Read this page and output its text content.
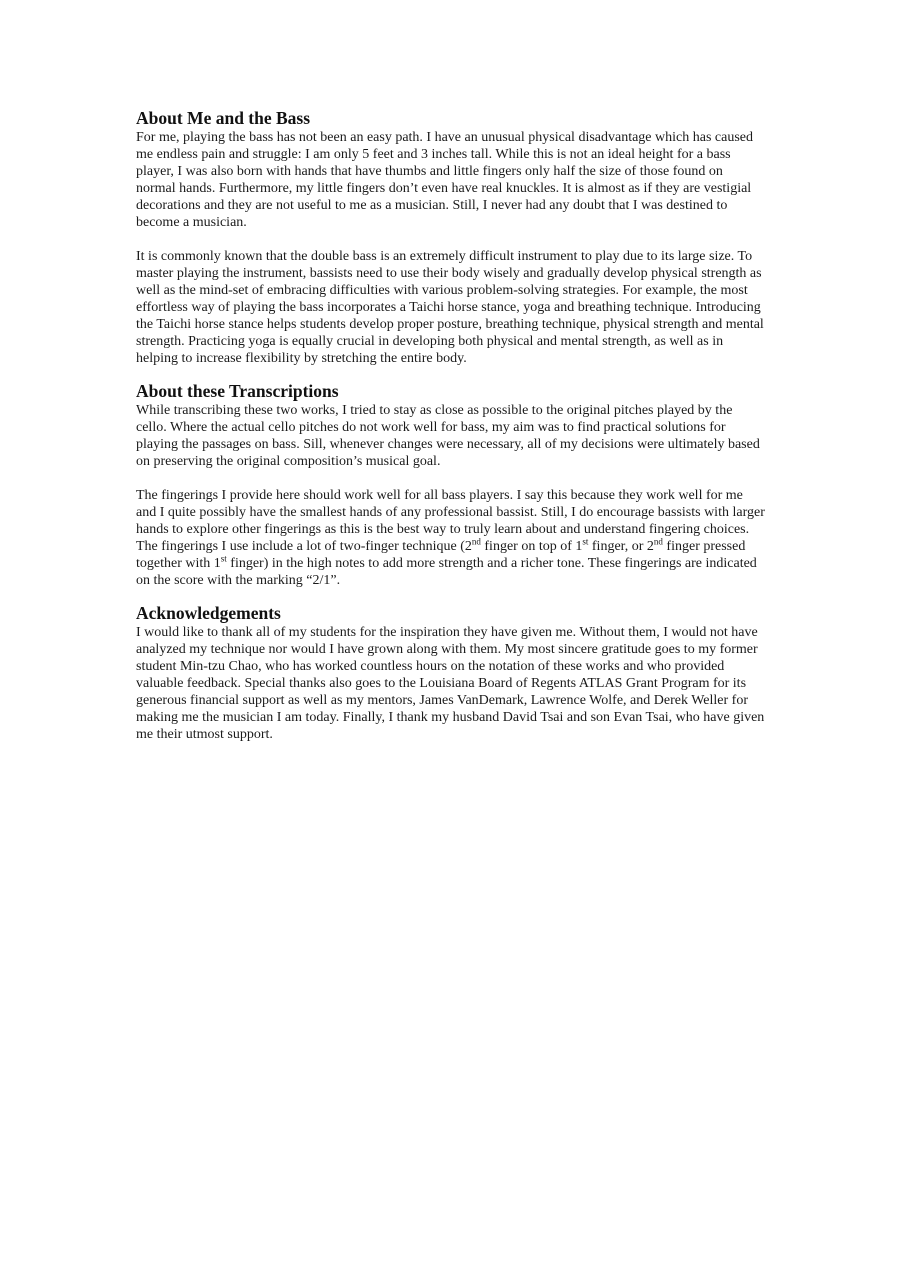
About Me and the Bass

For me, playing the bass has not been an easy path. I have an unusual physical disadvantage which has caused me endless pain and struggle: I am only 5 feet and 3 inches tall. While this is not an ideal height for a bass player, I was also born with hands that have thumbs and little fingers only half the size of those found on normal hands. Furthermore, my little fingers don’t even have real knuckles. It is almost as if they are vestigial decorations and they are not useful to me as a musician. Still, I never had any doubt that I was destined to become a musician.

It is commonly known that the double bass is an extremely difficult instrument to play due to its large size. To master playing the instrument, bassists need to use their body wisely and gradually develop physical strength as well as the mind-set of embracing difficulties with various problem-solving strategies. For example, the most effortless way of playing the bass incorporates a Taichi horse stance, yoga and breathing technique. Introducing the Taichi horse stance helps students develop proper posture, breathing technique, physical strength and mental strength. Practicing yoga is equally crucial in developing both physical and mental strength, as well as in helping to increase flexibility by stretching the entire body.

About these Transcriptions

While transcribing these two works, I tried to stay as close as possible to the original pitches played by the cello. Where the actual cello pitches do not work well for bass, my aim was to find practical solutions for playing the passages on bass. Sill, whenever changes were necessary, all of my decisions were ultimately based on preserving the original composition’s musical goal.

The fingerings I provide here should work well for all bass players. I say this because they work well for me and I quite possibly have the smallest hands of any professional bassist. Still, I do encourage bassists with larger hands to explore other fingerings as this is the best way to truly learn about and understand fingering choices. The fingerings I use include a lot of two-finger technique (2nd finger on top of 1st finger, or 2nd finger pressed together with 1st finger) in the high notes to add more strength and a richer tone. These fingerings are indicated on the score with the marking “2/1”.

Acknowledgements

I would like to thank all of my students for the inspiration they have given me. Without them, I would not have analyzed my technique nor would I have grown along with them. My most sincere gratitude goes to my former student Min-tzu Chao, who has worked countless hours on the notation of these works and who provided valuable feedback. Special thanks also goes to the Louisiana Board of Regents ATLAS Grant Program for its generous financial support as well as my mentors, James VanDemark, Lawrence Wolfe, and Derek Weller for making me the musician I am today. Finally, I thank my husband David Tsai and son Evan Tsai, who have given me their utmost support.
